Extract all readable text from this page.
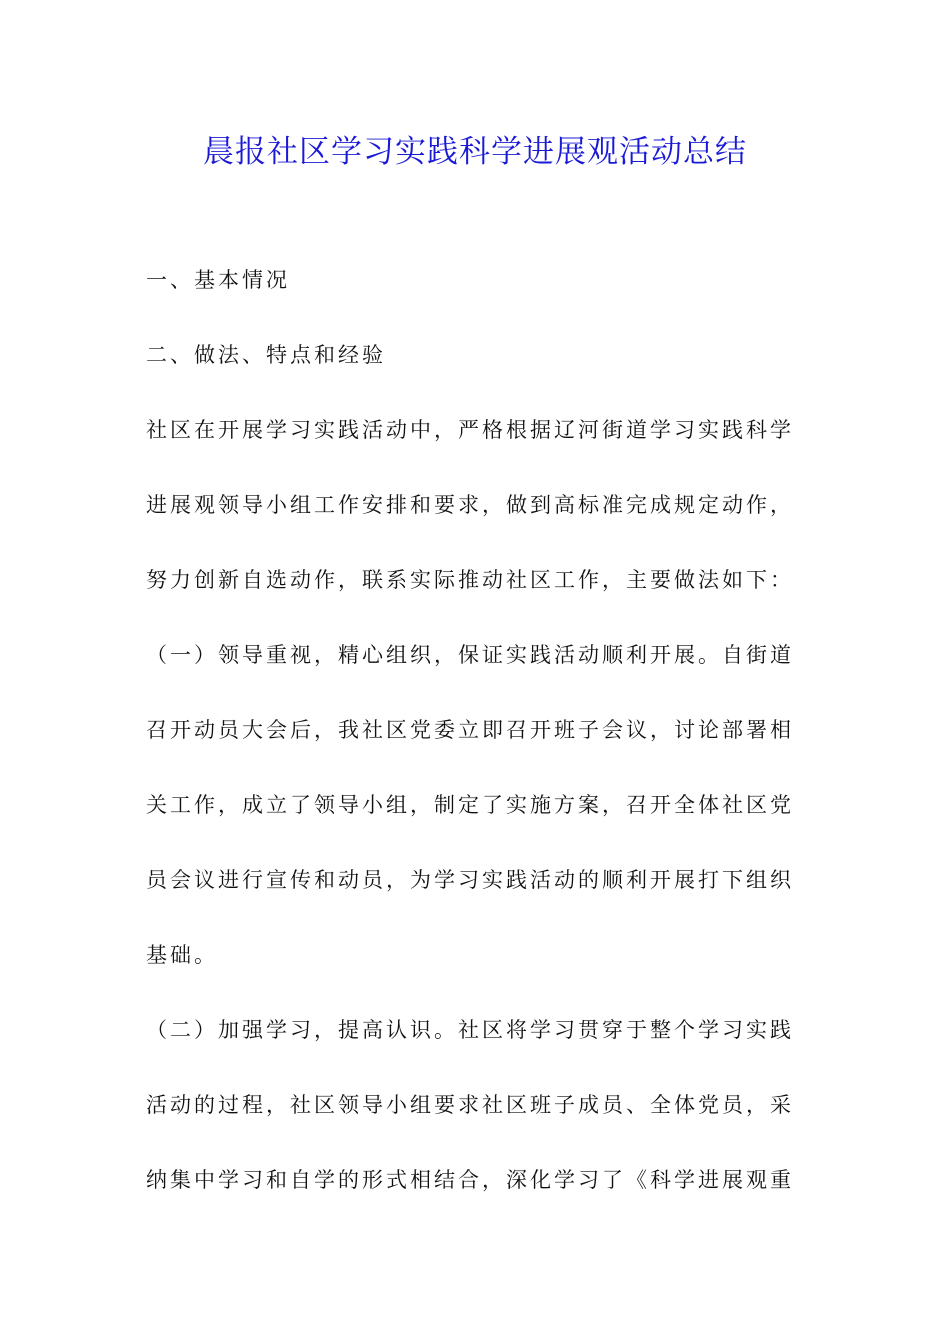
晨报社区学习实践科学进展观活动总结
一、基本情况
二、做法、特点和经验
社区在开展学习实践活动中，严格根据辽河街道学习实践科学
进展观领导小组工作安排和要求，做到高标准完成规定动作，
努力创新自选动作，联系实际推动社区工作，主要做法如下：
（一）领导重视，精心组织，保证实践活动顺利开展。自街道
召开动员大会后，我社区党委立即召开班子会议，讨论部署相
关工作，成立了领导小组，制定了实施方案，召开全体社区党
员会议进行宣传和动员，为学习实践活动的顺利开展打下组织
基础。
（二）加强学习，提高认识。社区将学习贯穿于整个学习实践
活动的过程，社区领导小组要求社区班子成员、全体党员，采
纳集中学习和自学的形式相结合，深化学习了《科学进展观重
